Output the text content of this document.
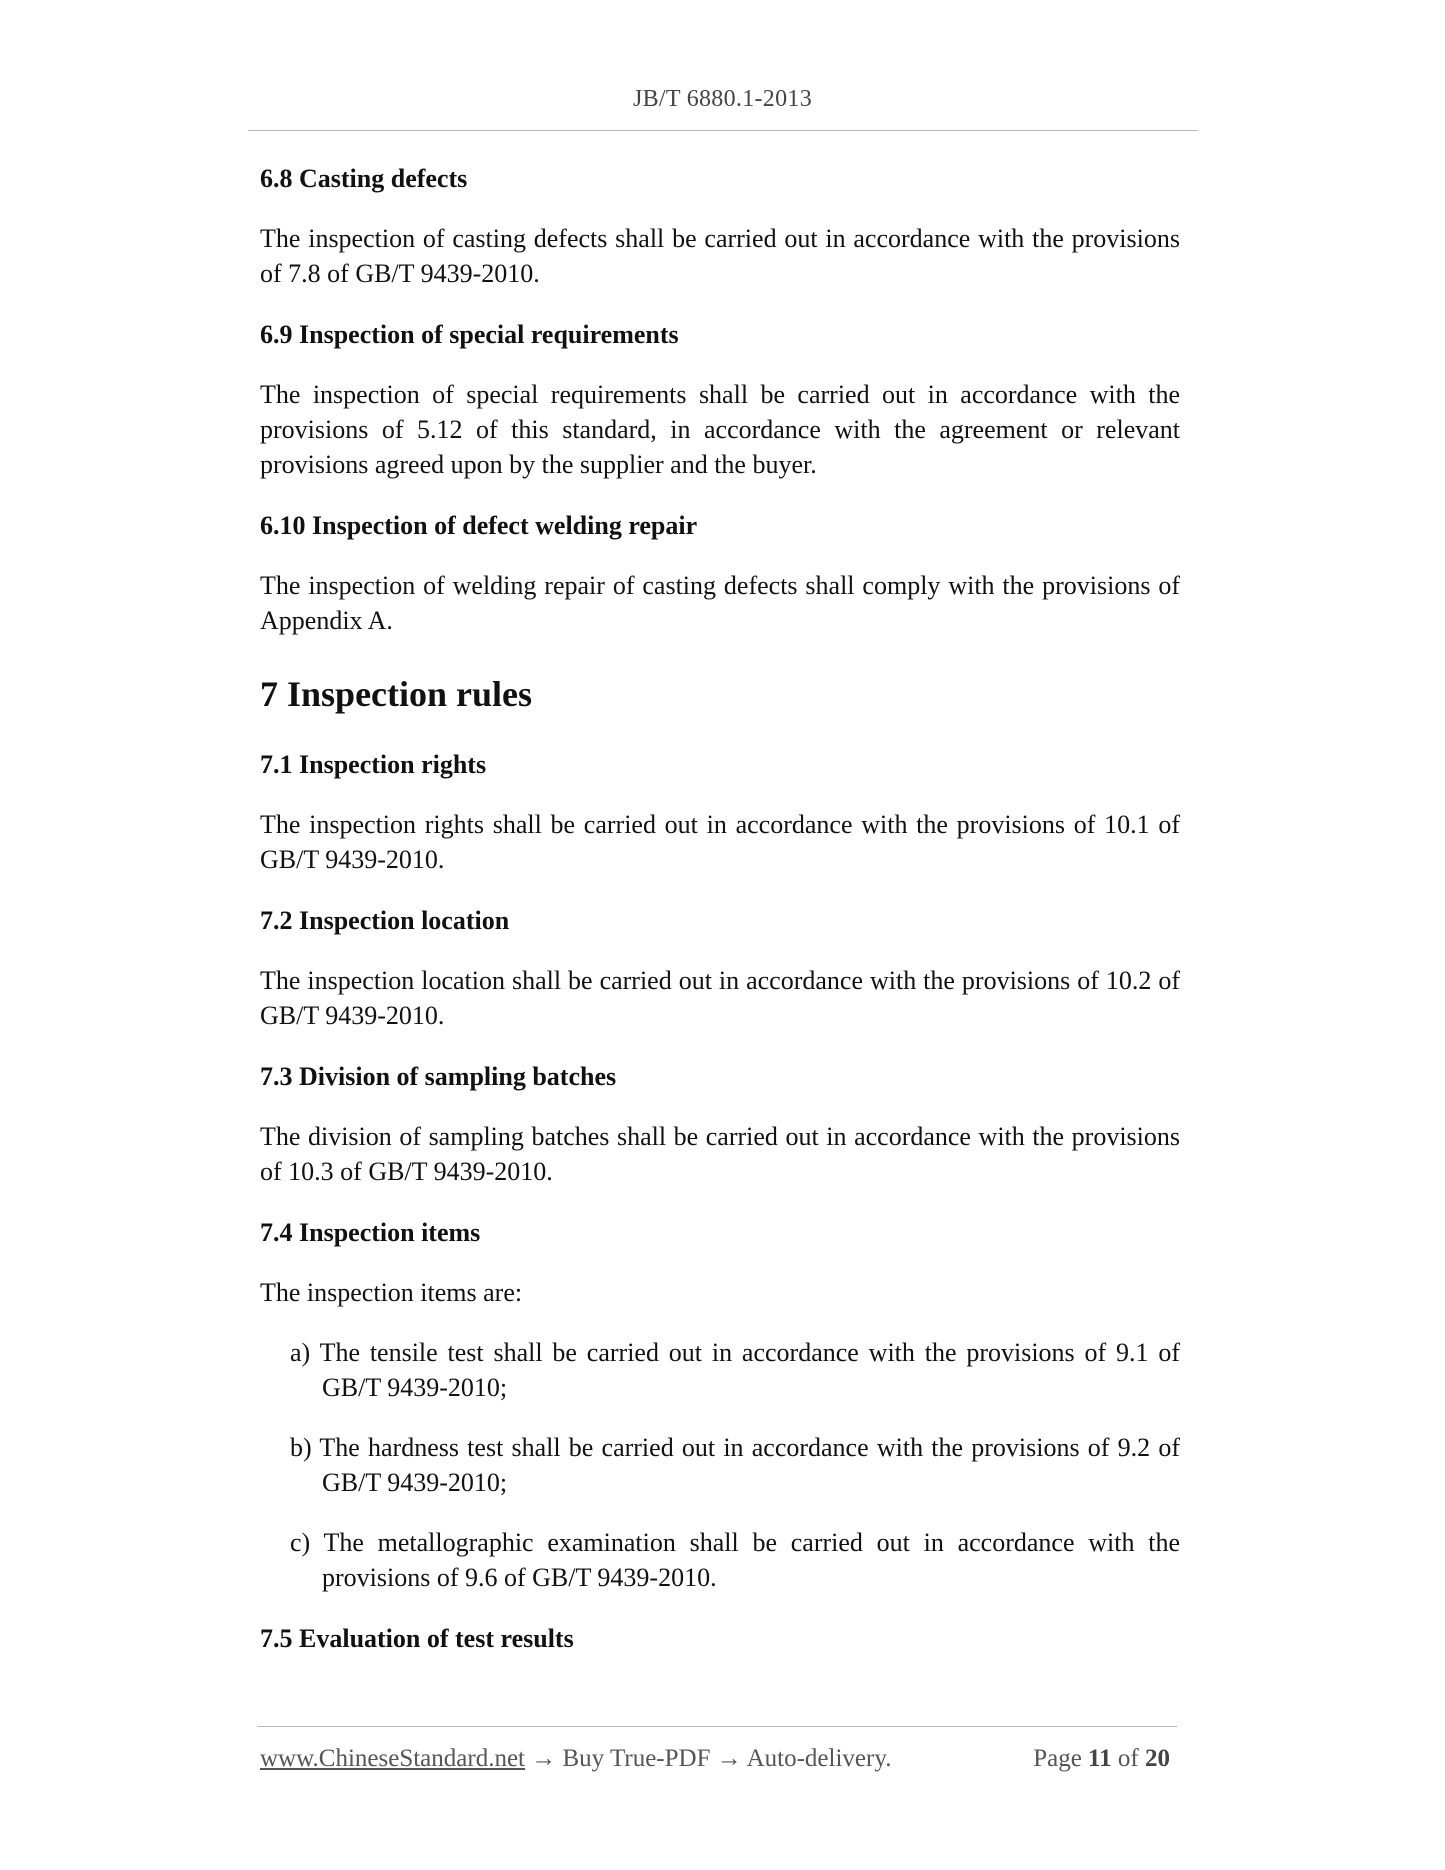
JB/T 6880.1-2013

6.8 Casting defects

The inspection of casting defects shall be carried out in accordance with the provisions of 7.8 of GB/T 9439-2010.

6.9 Inspection of special requirements

The inspection of special requirements shall be carried out in accordance with the provisions of 5.12 of this standard, in accordance with the agreement or relevant provisions agreed upon by the supplier and the buyer.

6.10 Inspection of defect welding repair

The inspection of welding repair of casting defects shall comply with the provisions of Appendix A.

7 Inspection rules

7.1 Inspection rights

The inspection rights shall be carried out in accordance with the provisions of 10.1 of GB/T 9439-2010.

7.2 Inspection location

The inspection location shall be carried out in accordance with the provisions of 10.2 of GB/T 9439-2010.

7.3 Division of sampling batches

The division of sampling batches shall be carried out in accordance with the provisions of 10.3 of GB/T 9439-2010.

7.4 Inspection items

The inspection items are:

a) The tensile test shall be carried out in accordance with the provisions of 9.1 of GB/T 9439-2010;

b) The hardness test shall be carried out in accordance with the provisions of 9.2 of GB/T 9439-2010;

c) The metallographic examination shall be carried out in accordance with the provisions of 9.6 of GB/T 9439-2010.

7.5 Evaluation of test results

www.ChineseStandard.net → Buy True-PDF → Auto-delivery.	Page 11 of 20
